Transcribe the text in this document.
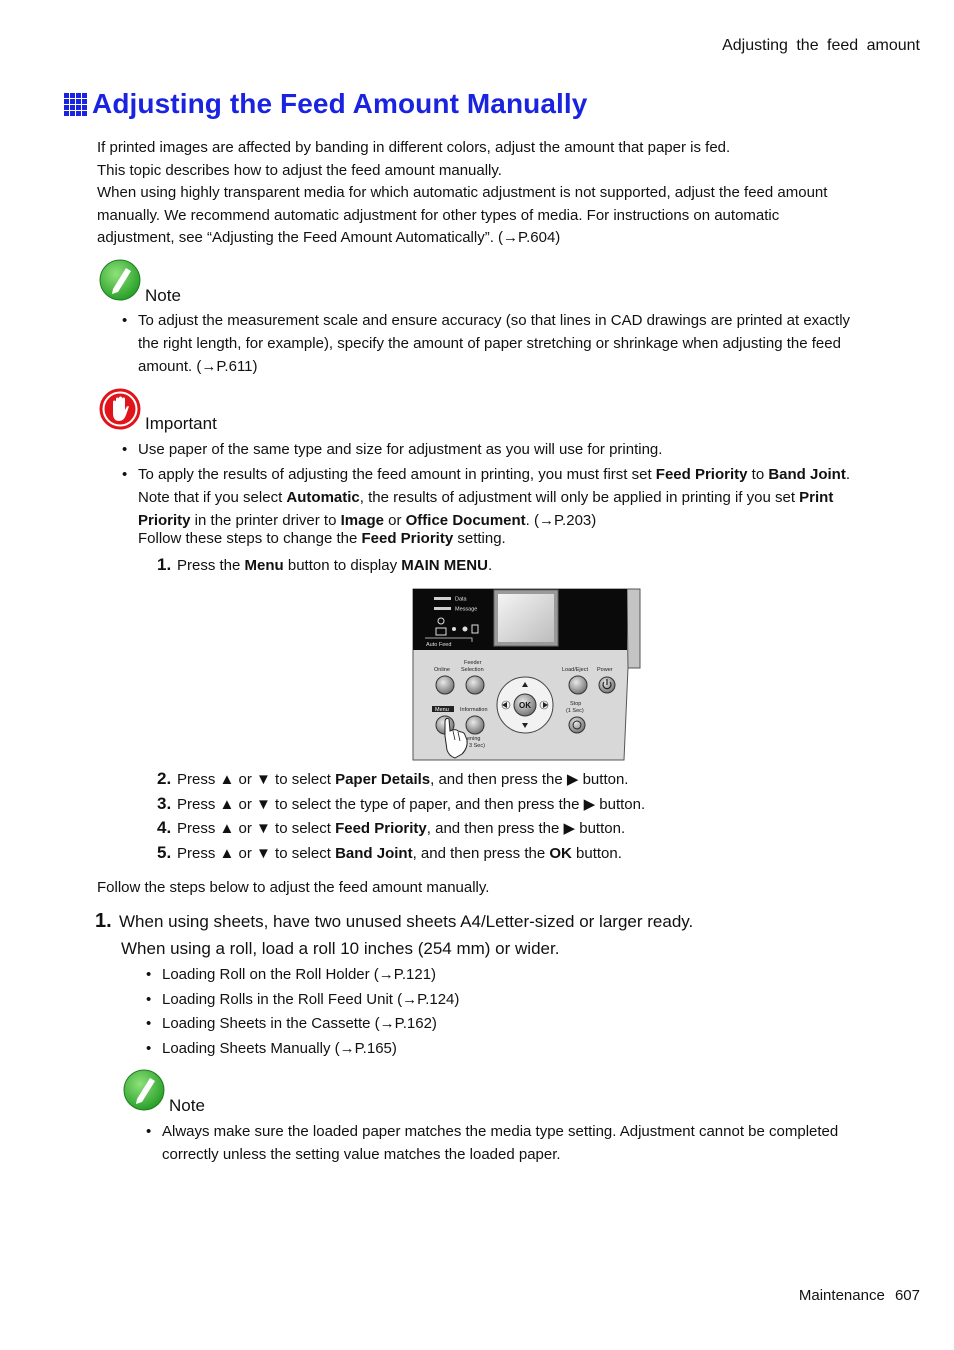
Adjusting the feed amount
Adjusting the Feed Amount Manually
If printed images are affected by banding in different colors, adjust the amount that paper is fed.
This topic describes how to adjust the feed amount manually.
When using highly transparent media for which automatic adjustment is not supported, adjust the feed amount
manually. We recommend automatic adjustment for other types of media. For instructions on automatic
adjustment, see “Adjusting the Feed Amount Automatically”. (→P.604)
Note
• To adjust the measurement scale and ensure accuracy (so that lines in CAD drawings are printed at exactly the right length, for example), specify the amount of paper stretching or shrinkage when adjusting the feed amount. (→P.611)
Important
• Use paper of the same type and size for adjustment as you will use for printing.
• To apply the results of adjusting the feed amount in printing, you must first set Feed Priority to Band Joint. Note that if you select Automatic, the results of adjustment will only be applied in printing if you set Print Priority in the printer driver to Image or Office Document. (→P.203)
Follow these steps to change the Feed Priority setting.
1. Press the Menu button to display MAIN MENU.
Data
Message
Auto Feed
Online
Feeder
Selection	Load/Eject Power
Menu Information
Stop
(1 Sec)
ening
3 Sec)
OK
2. Press ▲ or ▼ to select Paper Details, and then press the ▶ button.
3. Press ▲ or ▼ to select the type of paper, and then press the ▶ button.
4. Press ▲ or ▼ to select Feed Priority, and then press the ▶ button.
5. Press ▲ or ▼ to select Band Joint, and then press the OK button.
Follow the steps below to adjust the feed amount manually.
1. When using sheets, have two unused sheets A4/Letter-sized or larger ready.
When using a roll, load a roll 10 inches (254 mm) or wider.
• Loading Roll on the Roll Holder (→P.121)
• Loading Rolls in the Roll Feed Unit (→P.124)
• Loading Sheets in the Cassette (→P.162)
• Loading Sheets Manually (→P.165)
Note
• Always make sure the loaded paper matches the media type setting. Adjustment cannot be completed correctly unless the setting value matches the loaded paper.
Maintenance 607
